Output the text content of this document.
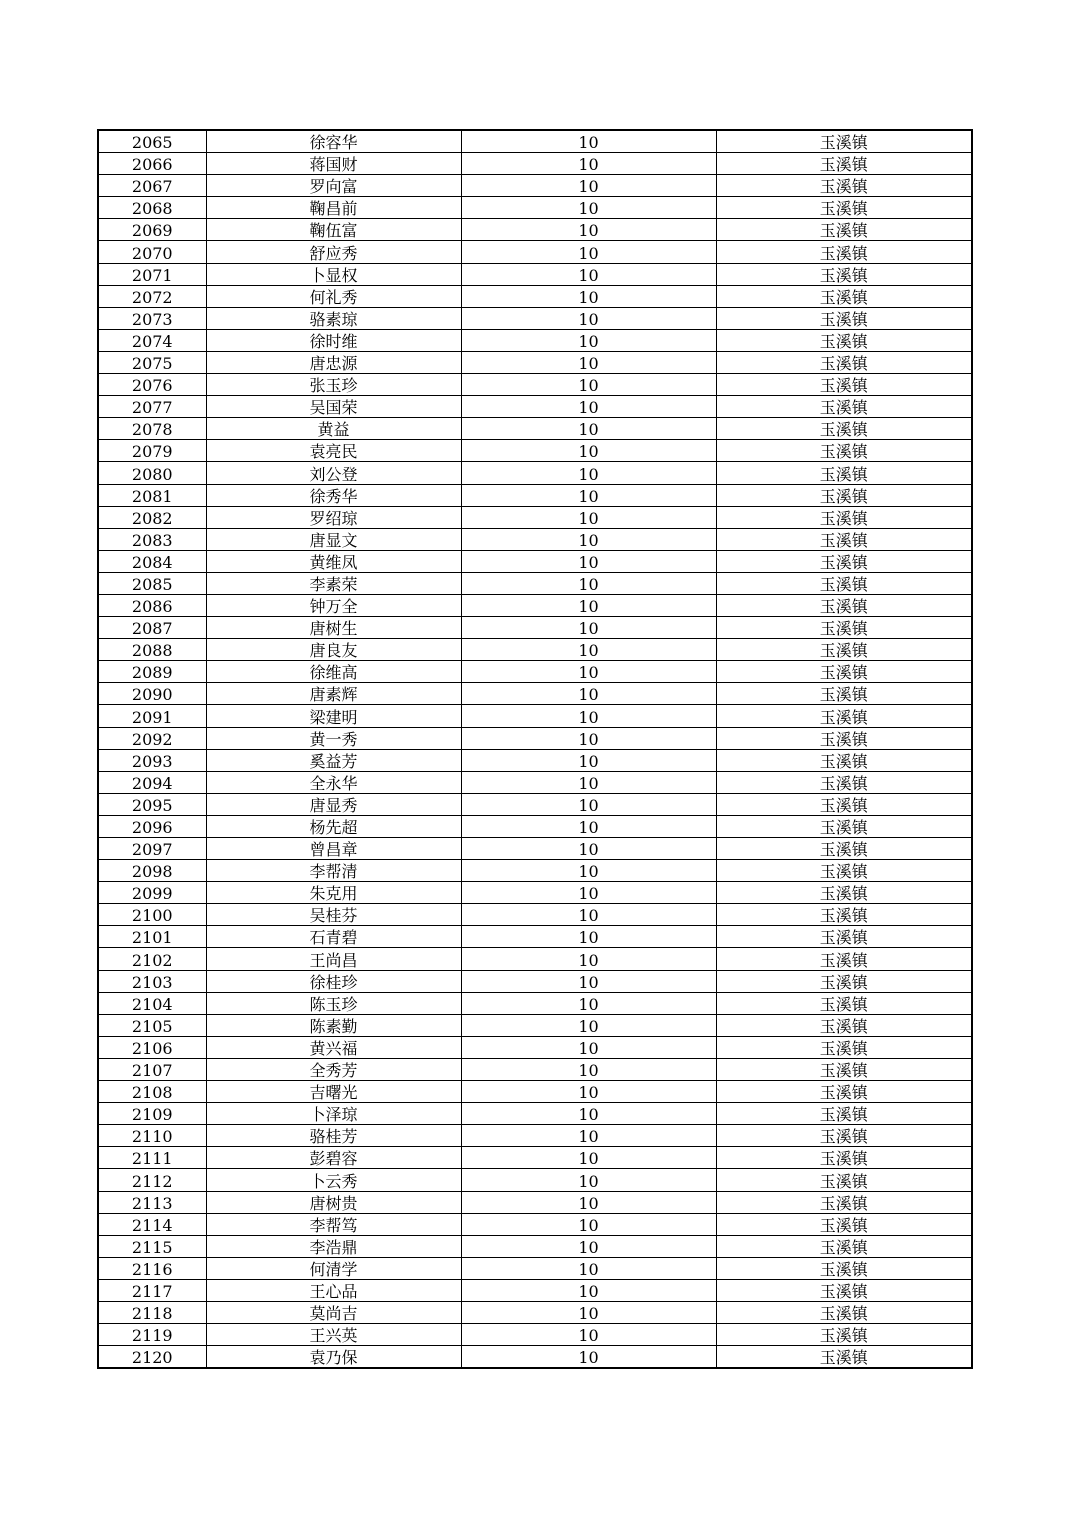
2065	徐容华	10	玉溪镇
2066	蒋国财	10	玉溪镇
2067	罗向富	10	玉溪镇
2068	鞠昌前	10	玉溪镇
2069	鞠伍富	10	玉溪镇
2070	舒应秀	10	玉溪镇
2071	卜显权	10	玉溪镇
2072	何礼秀	10	玉溪镇
2073	骆素琼	10	玉溪镇
2074	徐时维	10	玉溪镇
2075	唐忠源	10	玉溪镇
2076	张玉珍	10	玉溪镇
2077	吴国荣	10	玉溪镇
2078	黄益	10	玉溪镇
2079	袁亮民	10	玉溪镇
2080	刘公登	10	玉溪镇
2081	徐秀华	10	玉溪镇
2082	罗绍琼	10	玉溪镇
2083	唐显文	10	玉溪镇
2084	黄维凤	10	玉溪镇
2085	李素荣	10	玉溪镇
2086	钟万全	10	玉溪镇
2087	唐树生	10	玉溪镇
2088	唐良友	10	玉溪镇
2089	徐维高	10	玉溪镇
2090	唐素辉	10	玉溪镇
2091	梁建明	10	玉溪镇
2092	黄一秀	10	玉溪镇
2093	奚益芳	10	玉溪镇
2094	全永华	10	玉溪镇
2095	唐显秀	10	玉溪镇
2096	杨先超	10	玉溪镇
2097	曾昌章	10	玉溪镇
2098	李帮清	10	玉溪镇
2099	朱克用	10	玉溪镇
2100	吴桂芬	10	玉溪镇
2101	石青碧	10	玉溪镇
2102	王尚昌	10	玉溪镇
2103	徐桂珍	10	玉溪镇
2104	陈玉珍	10	玉溪镇
2105	陈素勤	10	玉溪镇
2106	黄兴福	10	玉溪镇
2107	全秀芳	10	玉溪镇
2108	吉曙光	10	玉溪镇
2109	卜泽琼	10	玉溪镇
2110	骆桂芳	10	玉溪镇
2111	彭碧容	10	玉溪镇
2112	卜云秀	10	玉溪镇
2113	唐树贵	10	玉溪镇
2114	李帮笃	10	玉溪镇
2115	李浩鼎	10	玉溪镇
2116	何清学	10	玉溪镇
2117	王心品	10	玉溪镇
2118	莫尚吉	10	玉溪镇
2119	王兴英	10	玉溪镇
2120	袁乃保	10	玉溪镇
